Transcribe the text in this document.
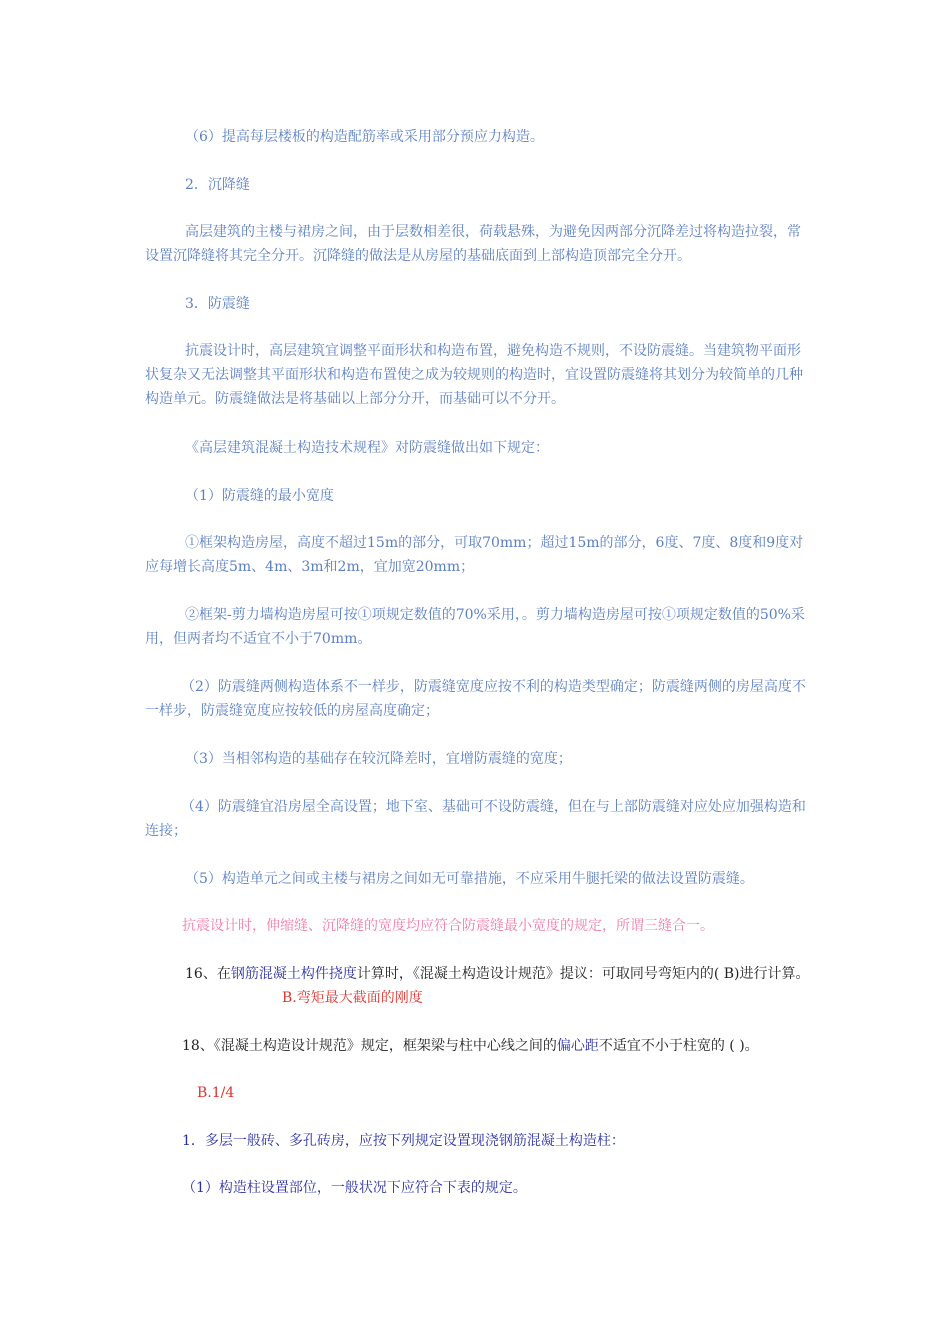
（6）提高每层楼板的构造配筋率或采用部分预应力构造。

2．沉降缝

高层建筑的主楼与裙房之间，由于层数相差很，荷载悬殊，为避免因两部分沉降差过将构造拉裂，常设置沉降缝将其完全分开。沉降缝的做法是从房屋的基础底面到上部构造顶部完全分开。

3．防震缝

抗震设计时，高层建筑宜调整平面形状和构造布置，避免构造不规则，不设防震缝。当建筑物平面形状复杂又无法调整其平面形状和构造布置使之成为较规则的构造时，宜设置防震缝将其划分为较简单的几种构造单元。防震缝做法是将基础以上部分分开，而基础可以不分开。

《高层建筑混凝土构造技术规程》对防震缝做出如下规定：

（1）防震缝的最小宽度

①框架构造房屋，高度不超过15m的部分，可取70mm；超过15m的部分，6度、7度、8度和9度对应每增长高度5m、4m、3m和2m，宜加宽20mm；

②框架-剪力墙构造房屋可按①项规定数值的70%采用，。剪力墙构造房屋可按①项规定数值的50%采用，但两者均不适宜不小于70mm。

（2）防震缝两侧构造体系不一样步，防震缝宽度应按不利的构造类型确定；防震缝两侧的房屋高度不一样步，防震缝宽度应按较低的房屋高度确定；

（3）当相邻构造的基础存在较沉降差时，宜增防震缝的宽度；

（4）防震缝宜沿房屋全高设置；地下室、基础可不设防震缝，但在与上部防震缝对应处应加强构造和连接；

（5）构造单元之间或主楼与裙房之间如无可靠措施，不应采用牛腿托梁的做法设置防震缝。

抗震设计时，伸缩缝、沉降缝的宽度均应符合防震缝最小宽度的规定，所谓三缝合一。

16、在钢筋混凝土构件挠度计算时，《混凝土构造设计规范》提议：可取同号弯矩内的( B)进行计算。

B.弯矩最大截面的刚度

18、《混凝土构造设计规范》规定，框架梁与柱中心线之间的偏心距不适宜不小于柱宽的 ( )。

B.1/4

1．多层一般砖、多孔砖房，应按下列规定设置现浇钢筋混凝土构造柱：

（1）构造柱设置部位，一般状况下应符合下表的规定。
